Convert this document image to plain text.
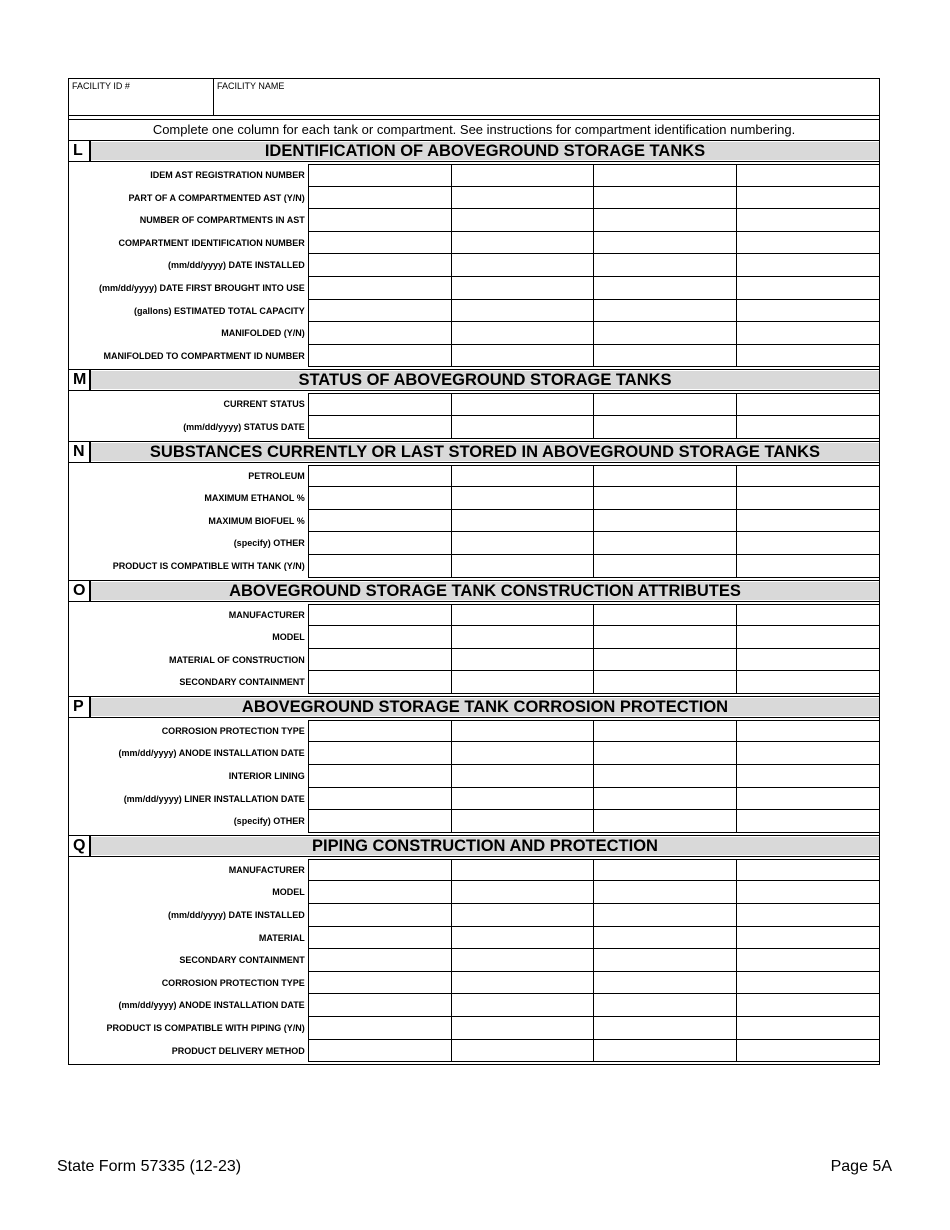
FACILITY ID #	FACILITY NAME
Complete one column for each tank or compartment. See instructions for compartment identification numbering.
L	IDENTIFICATION OF ABOVEGROUND STORAGE TANKS
IDEM AST REGISTRATION NUMBER
PART OF A COMPARTMENTED AST (Y/N)
NUMBER OF COMPARTMENTS IN AST
COMPARTMENT IDENTIFICATION NUMBER
(mm/dd/yyyy) DATE INSTALLED
(mm/dd/yyyy) DATE FIRST BROUGHT INTO USE
(gallons) ESTIMATED TOTAL CAPACITY
MANIFOLDED (Y/N)
MANIFOLDED TO COMPARTMENT ID NUMBER
M	STATUS OF ABOVEGROUND STORAGE TANKS
CURRENT STATUS
(mm/dd/yyyy) STATUS DATE
N	SUBSTANCES CURRENTLY OR LAST STORED IN ABOVEGROUND STORAGE TANKS
PETROLEUM
MAXIMUM ETHANOL %
MAXIMUM BIOFUEL %
(specify) OTHER
PRODUCT IS COMPATIBLE WITH TANK (Y/N)
O	ABOVEGROUND STORAGE TANK CONSTRUCTION ATTRIBUTES
MANUFACTURER
MODEL
MATERIAL OF CONSTRUCTION
SECONDARY CONTAINMENT
P	ABOVEGROUND STORAGE TANK CORROSION PROTECTION
CORROSION PROTECTION TYPE
(mm/dd/yyyy) ANODE INSTALLATION DATE
INTERIOR LINING
(mm/dd/yyyy) LINER INSTALLATION DATE
(specify) OTHER
Q	PIPING CONSTRUCTION AND PROTECTION
MANUFACTURER
MODEL
(mm/dd/yyyy) DATE INSTALLED
MATERIAL
SECONDARY CONTAINMENT
CORROSION PROTECTION TYPE
(mm/dd/yyyy) ANODE INSTALLATION DATE
PRODUCT IS COMPATIBLE WITH PIPING (Y/N)
PRODUCT DELIVERY METHOD
State Form 57335 (12-23)	Page 5A
